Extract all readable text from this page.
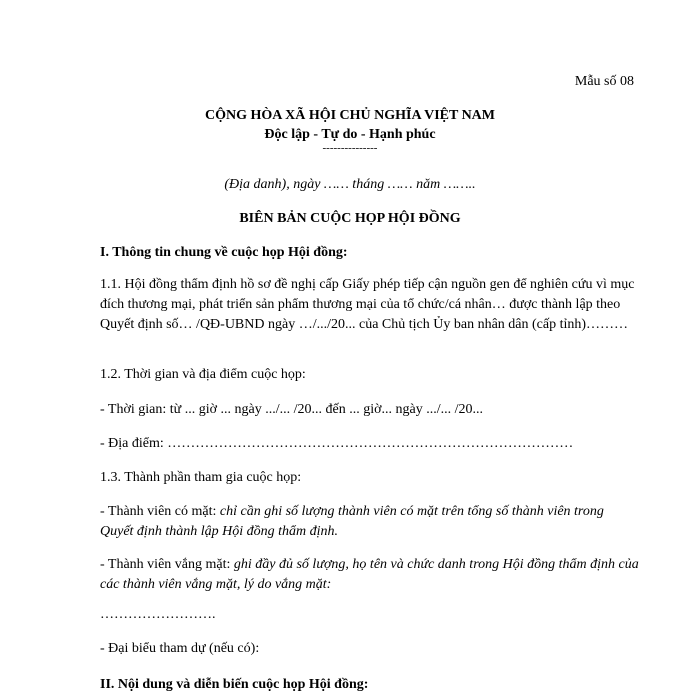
Mẫu số 08
CỘNG HÒA XÃ HỘI CHỦ NGHĨA VIỆT NAM
Độc lập - Tự do - Hạnh phúc
---------------
(Địa danh), ngày …… tháng …… năm ……..
BIÊN BẢN CUỘC HỌP HỘI ĐỒNG
I. Thông tin chung về cuộc họp Hội đồng:
1.1. Hội đồng thẩm định hồ sơ đề nghị cấp Giấy phép tiếp cận nguồn gen để nghiên cứu vì mục đích thương mại, phát triển sản phẩm thương mại của tổ chức/cá nhân… được thành lập theo Quyết định số… /QĐ-UBND ngày …/.../20... của Chủ tịch Ủy ban nhân dân (cấp tỉnh)………
1.2. Thời gian và địa điểm cuộc họp:
- Thời gian: từ ... giờ ... ngày .../... /20... đến ... giờ... ngày .../... /20...
- Địa điểm: ……………………………………………………………………………
1.3. Thành phần tham gia cuộc họp:
- Thành viên có mặt: chỉ cần ghi số lượng thành viên có mặt trên tổng số thành viên trong Quyết định thành lập Hội đồng thẩm định.
- Thành viên vắng mặt: ghi đầy đủ số lượng, họ tên và chức danh trong Hội đồng thẩm định của các thành viên vắng mặt, lý do vắng mặt:
…………………….
- Đại biểu tham dự (nếu có):
II. Nội dung và diễn biến cuộc họp Hội đồng:
